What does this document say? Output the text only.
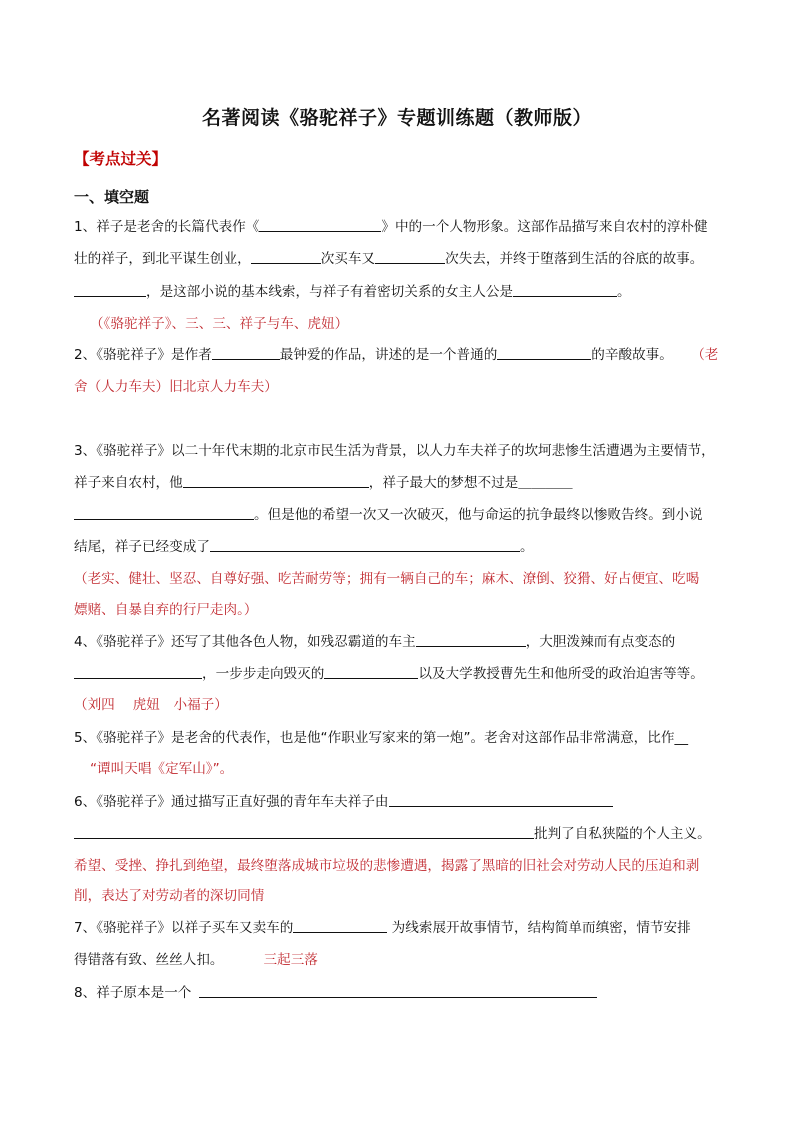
名著阅读《骆驼祥子》专题训练题（教师版）
【考点过关】
一、填空题
1、祥子是老舍的长篇代表作《	》中的一个人物形象。这部作品描写来自农村的淳朴健
壮的祥子，到北平谋生创业，	次买车又	次失去，并终于堕落到生活的谷底的故事。
，是这部小说的基本线索，与祥子有着密切关系的女主人公是	。
（《骆驼祥子》、三、三、祥子与车、虎妞）
2、《骆驼祥子》是作者	最钟爱的作品，讲述的是一个普通的	的辛酸故事。 （老
舍（人力车夫）旧北京人力车夫）
3、《骆驼祥子》以二十年代末期的北京市民生活为背景，以人力车夫祥子的坎坷悲惨生活遭遇为主要情节，
祥子来自农村，他	，祥子最大的梦想不过是＿＿＿＿
。但是他的希望一次又一次破灭，他与命运的抗争最终以惨败告终。到小说
结尾，祥子已经变成了	。
（老实、健壮、坚忍、自尊好强、吃苦耐劳等；拥有一辆自己的车；麻木、潦倒、狡猾、好占便宜、吃喝
嫖赌、自暴自弃的行尸走肉。）
4、《骆驼祥子》还写了其他各色人物，如残忍霸道的车主	，大胆泼辣而有点变态的
，一步步走向毁灭的	以及大学教授曹先生和他所受的政治迫害等等。
（刘四　 虎妞　小福子）
5、《骆驼祥子》是老舍的代表作，也是他“作职业写家来的第一炮”。老舍对这部作品非常满意，比作__
“谭叫天唱《定军山》”。
6、《骆驼祥子》通过描写正直好强的青年车夫祥子由
批判了自私狭隘的个人主义。
希望、受挫、挣扎到绝望，最终堕落成城市垃圾的悲惨遭遇，揭露了黑暗的旧社会对劳动人民的压迫和剥
削，表达了对劳动者的深切同情
7、《骆驼祥子》以祥子买车又卖车的	为线索展开故事情节，结构简单而缜密，情节安排
得错落有致、丝丝人扣。	三起三落
8、祥子原本是一个
